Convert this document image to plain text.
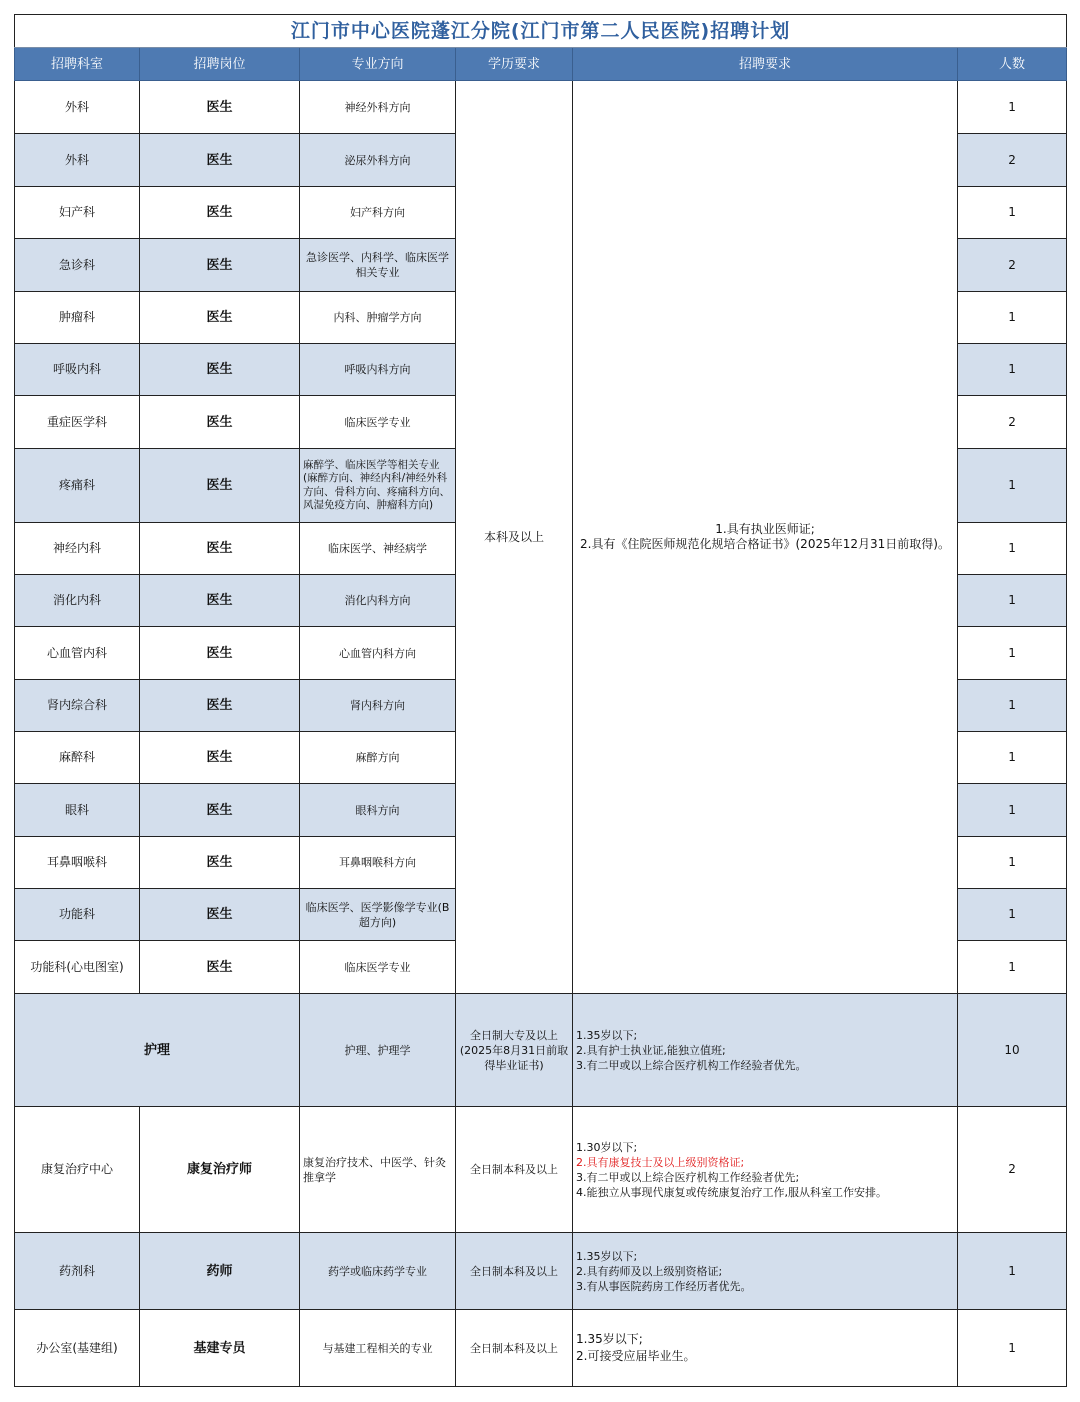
江门市中心医院蓬江分院(江门市第二人民医院)招聘计划					
招聘科室	招聘岗位	专业方向	学历要求	招聘要求	人数
外科	医生	神经外科方向	本科及以上	1.具有执业医师证;
2.具有《住院医师规范化规培合格证书》(2025年12月31日前取得)。	1
外科	医生	泌尿外科方向			2
妇产科	医生	妇产科方向			1
急诊科	医生	急诊医学、内科学、临床医学相关专业			2
肿瘤科	医生	内科、肿瘤学方向			1
呼吸内科	医生	呼吸内科方向			1
重症医学科	医生	临床医学专业			2
疼痛科	医生	麻醉学、临床医学等相关专业(麻醉方向、神经内科/神经外科方向、骨科方向、疼痛科方向、风湿免疫方向、肿瘤科方向)			1
神经内科	医生	临床医学、神经病学			1
消化内科	医生	消化内科方向			1
心血管内科	医生	心血管内科方向			1
肾内综合科	医生	肾内科方向			1
麻醉科	医生	麻醉方向			1
眼科	医生	眼科方向			1
耳鼻咽喉科	医生	耳鼻咽喉科方向			1
功能科	医生	临床医学、医学影像学专业(B超方向)			1
功能科(心电图室)	医生	临床医学专业			1
护理		护理、护理学	全日制大专及以上(2025年8月31日前取得毕业证书)	1.35岁以下;
2.具有护士执业证,能独立值班;
3.有二甲或以上综合医疗机构工作经验者优先。	10
康复治疗中心	康复治疗师	康复治疗技术、中医学、针灸推拿学	全日制本科及以上	1.30岁以下;
2.具有康复技士及以上级别资格证;
3.有二甲或以上综合医疗机构工作经验者优先;
4.能独立从事现代康复或传统康复治疗工作,服从科室工作安排。	2
药剂科	药师	药学或临床药学专业	全日制本科及以上	1.35岁以下;
2.具有药师及以上级别资格证;
3.有从事医院药房工作经历者优先。	1
办公室(基建组)	基建专员	与基建工程相关的专业	全日制本科及以上	1.35岁以下;
2.可接受应届毕业生。	1
